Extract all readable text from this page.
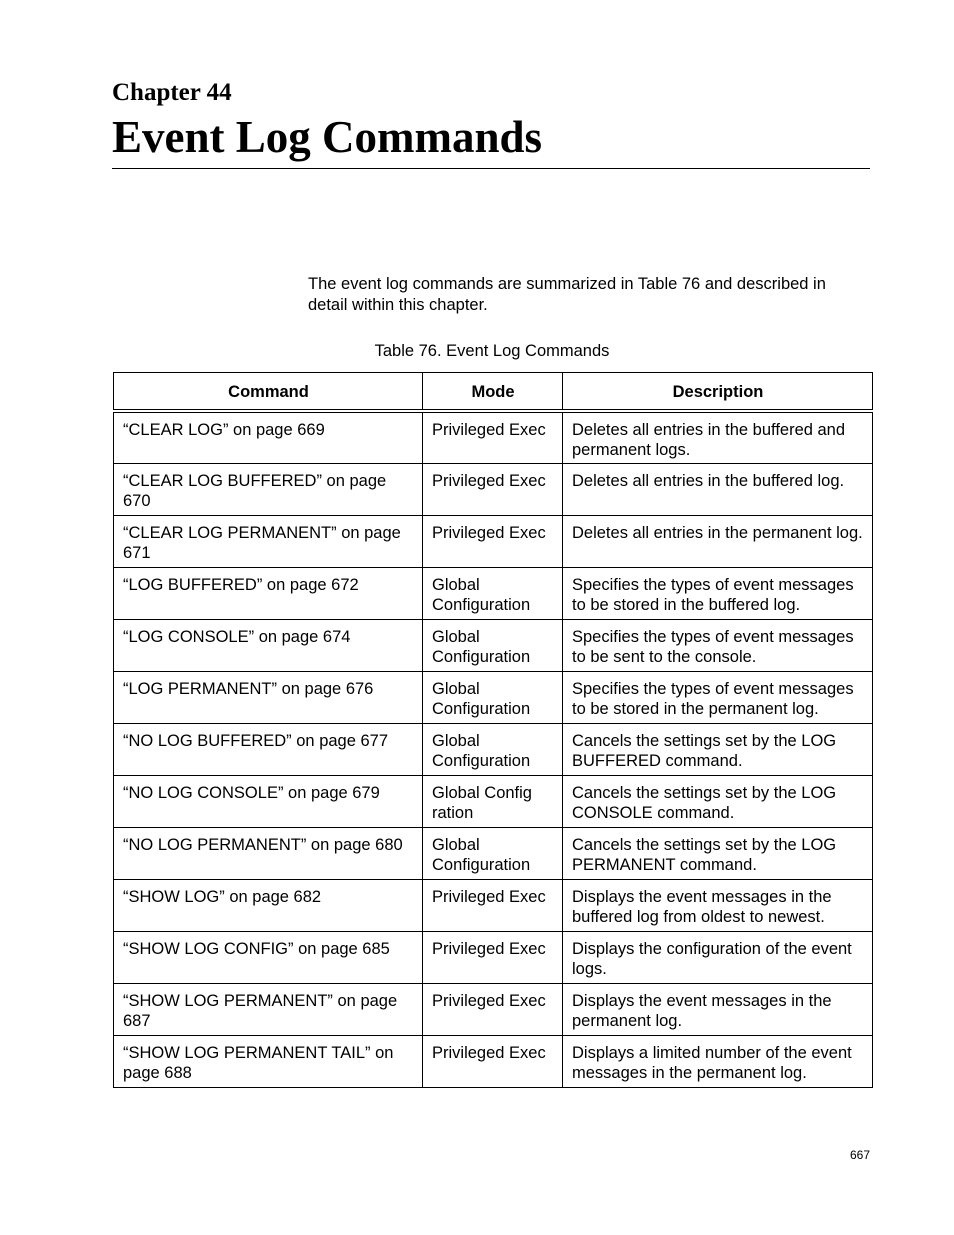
Chapter 44
Event Log Commands

The event log commands are summarized in Table 76 and described in detail within this chapter.

Table 76. Event Log Commands

Command	Mode	Description
“CLEAR LOG” on page 669	Privileged Exec	Deletes all entries in the buffered and permanent logs.
“CLEAR LOG BUFFERED” on page 670	Privileged Exec	Deletes all entries in the buffered log.
“CLEAR LOG PERMANENT” on page 671	Privileged Exec	Deletes all entries in the permanent log.
“LOG BUFFERED” on page 672	Global Configuration	Specifies the types of event messages to be stored in the buffered log.
“LOG CONSOLE” on page 674	Global Configuration	Specifies the types of event messages to be sent to the console.
“LOG PERMANENT” on page 676	Global Configuration	Specifies the types of event messages to be stored in the permanent log.
“NO LOG BUFFERED” on page 677	Global Configuration	Cancels the settings set by the LOG BUFFERED command.
“NO LOG CONSOLE” on page 679	Global Config ration	Cancels the settings set by the LOG CONSOLE command.
“NO LOG PERMANENT” on page 680	Global Configuration	Cancels the settings set by the LOG PERMANENT command.
“SHOW LOG” on page 682	Privileged Exec	Displays the event messages in the buffered log from oldest to newest.
“SHOW LOG CONFIG” on page 685	Privileged Exec	Displays the configuration of the event logs.
“SHOW LOG PERMANENT” on page 687	Privileged Exec	Displays the event messages in the permanent log.
“SHOW LOG PERMANENT TAIL” on page 688	Privileged Exec	Displays a limited number of the event messages in the permanent log.

667
